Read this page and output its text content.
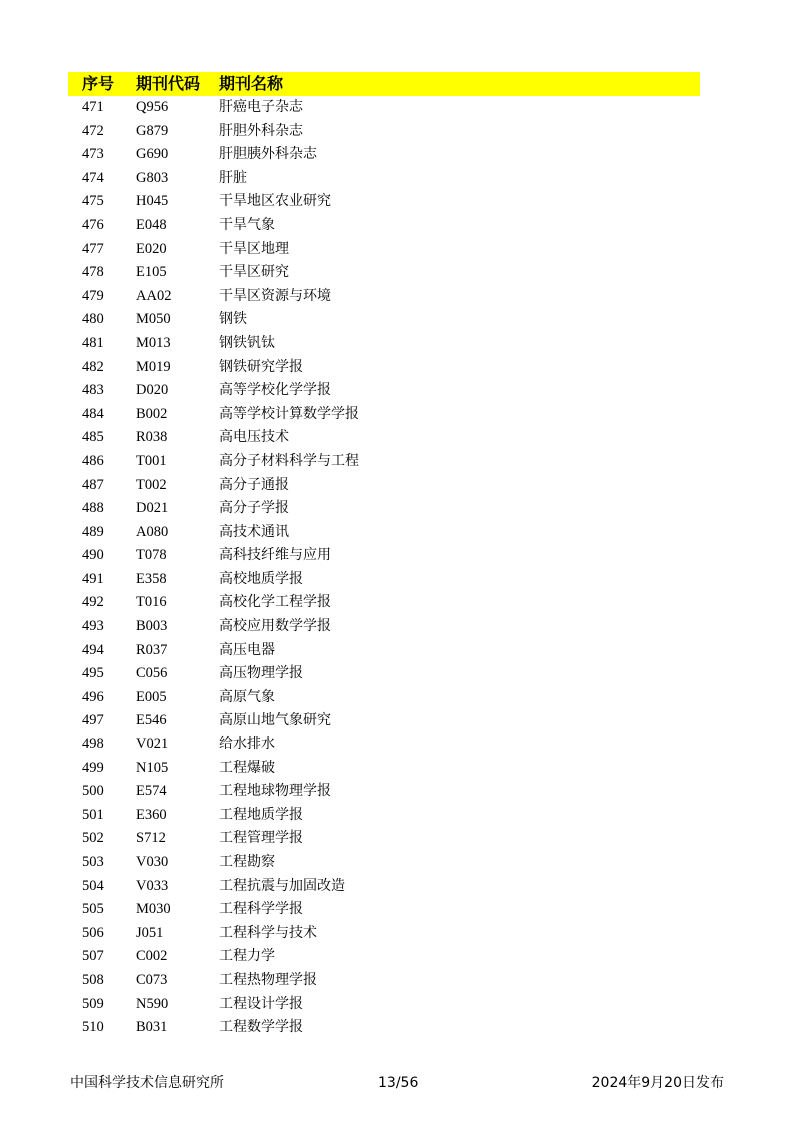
序号 期刊代码 期刊名称
471 Q956	肝癌电子杂志
472 G879	肝胆外科杂志
473 G690	肝胆胰外科杂志
474 G803	肝脏
475 H045	干旱地区农业研究
476 E048	干旱气象
477 E020	干旱区地理
478 E105	干旱区研究
479 AA02	干旱区资源与环境
480 M050	钢铁
481 M013	钢铁钒钛
482 M019	钢铁研究学报
483 D020	高等学校化学学报
484 B002	高等学校计算数学学报
485 R038	高电压技术
486 T001	高分子材料科学与工程
487 T002	高分子通报
488 D021	高分子学报
489 A080	高技术通讯
490 T078	高科技纤维与应用
491 E358	高校地质学报
492 T016	高校化学工程学报
493 B003	高校应用数学学报
494 R037	高压电器
495 C056	高压物理学报
496 E005	高原气象
497 E546	高原山地气象研究
498 V021	给水排水
499 N105	工程爆破
500 E574	工程地球物理学报
501 E360	工程地质学报
502 S712	工程管理学报
503 V030	工程勘察
504 V033	工程抗震与加固改造
505 M030	工程科学学报
506 J051	工程科学与技术
507 C002	工程力学
508 C073	工程热物理学报
509 N590	工程设计学报
510 B031	工程数学学报
中国科学技术信息研究所	13/56	2024年9月20日发布
